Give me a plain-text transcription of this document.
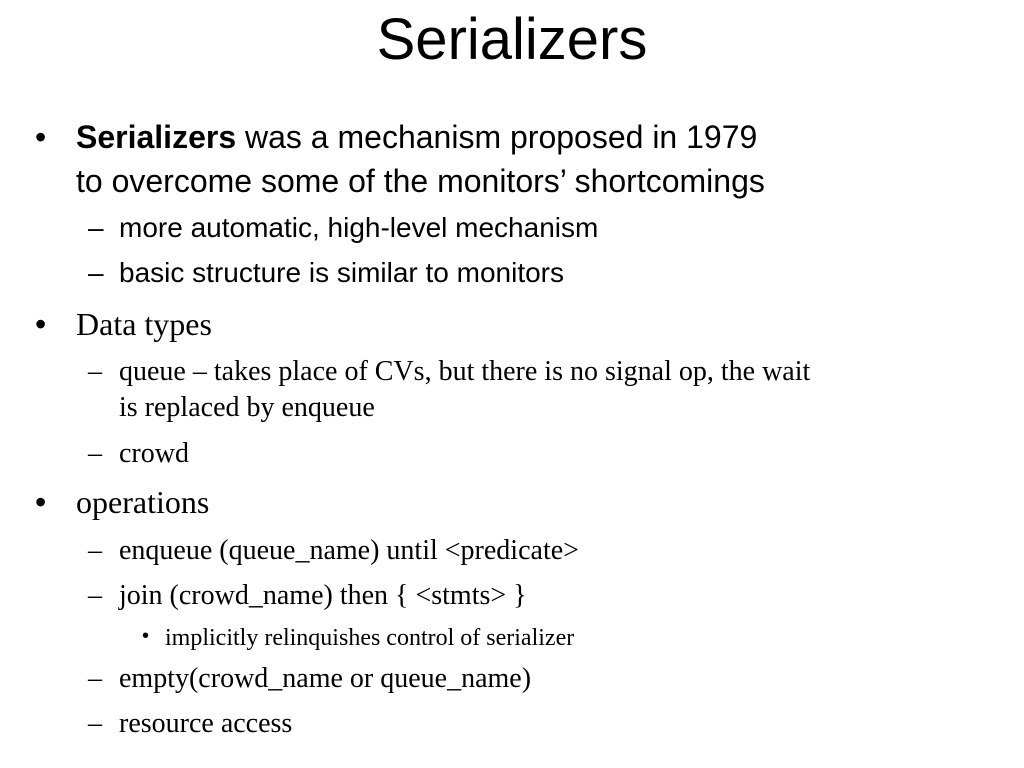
Serializers
• Serializers was a mechanism proposed in 1979
to overcome some of the monitors’ shortcomings
– more automatic, high-level mechanism
– basic structure is similar to monitors
• Data types
– queue – takes place of CVs, but there is no signal op, the wait
is replaced by enqueue
– crowd
• operations
– enqueue (queue_name) until <predicate>
– join (crowd_name) then { <stmts> }
• implicitly relinquishes control of serializer
– empty(crowd_name or queue_name)
– resource access
